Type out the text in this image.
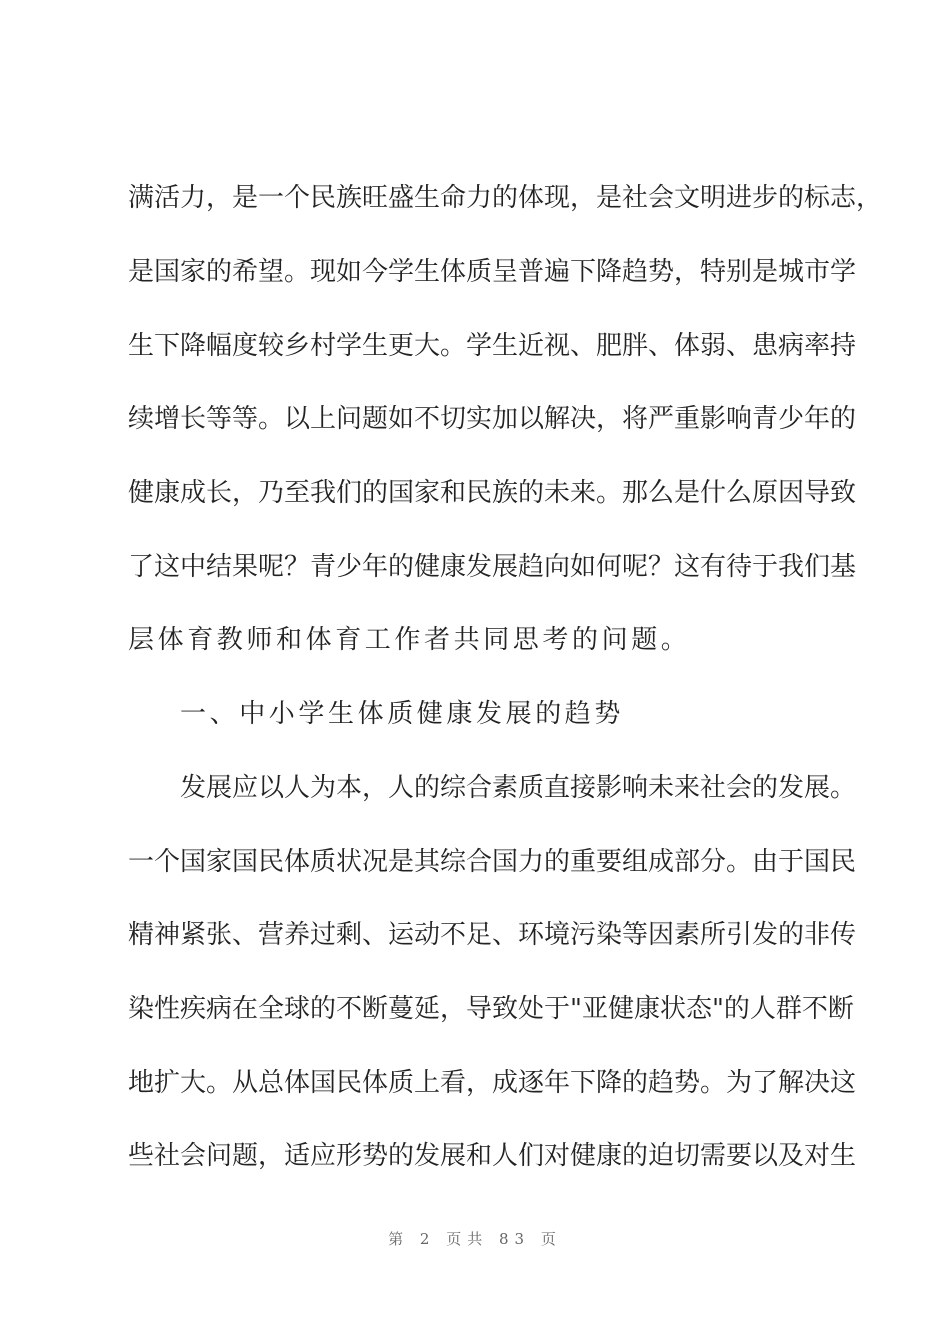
满活力，是一个民族旺盛生命力的体现，是社会文明进步的标志，
是国家的希望。现如今学生体质呈普遍下降趋势，特别是城市学
生下降幅度较乡村学生更大。学生近视、肥胖、体弱、患病率持
续增长等等。以上问题如不切实加以解决，将严重影响青少年的
健康成长，乃至我们的国家和民族的未来。那么是什么原因导致
了这中结果呢？青少年的健康发展趋向如何呢？这有待于我们基
层体育教师和体育工作者共同思考的问题。
一、中小学生体质健康发展的趋势
发展应以人为本，人的综合素质直接影响未来社会的发展。
一个国家国民体质状况是其综合国力的重要组成部分。由于国民
精神紧张、营养过剩、运动不足、环境污染等因素所引发的非传
染性疾病在全球的不断蔓延，导致处于"亚健康状态"的人群不断
地扩大。从总体国民体质上看，成逐年下降的趋势。为了解决这
些社会问题，适应形势的发展和人们对健康的迫切需要以及对生
第 2 页共 83 页
